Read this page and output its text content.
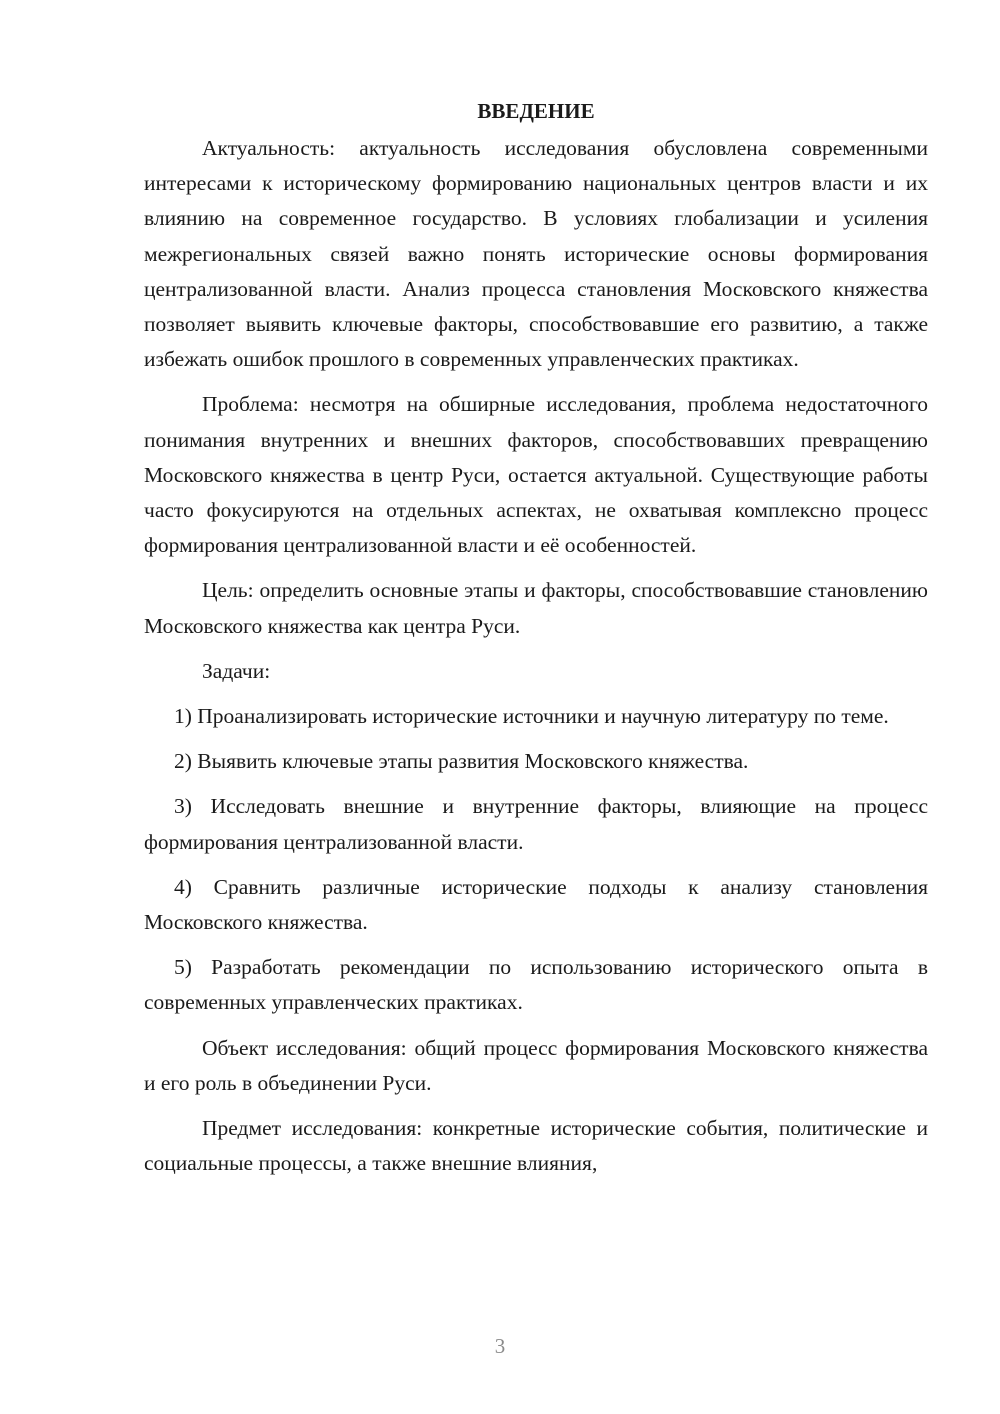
ВВЕДЕНИЕ

Актуальность: актуальность исследования обусловлена современными интересами к историческому формированию национальных центров власти и их влиянию на современное государство. В условиях глобализации и усиления межрегиональных связей важно понять исторические основы формирования централизованной власти. Анализ процесса становления Московского княжества позволяет выявить ключевые факторы, способствовавшие его развитию, а также избежать ошибок прошлого в современных управленческих практиках.

Проблема: несмотря на обширные исследования, проблема недостаточного понимания внутренних и внешних факторов, способствовавших превращению Московского княжества в центр Руси, остается актуальной. Существующие работы часто фокусируются на отдельных аспектах, не охватывая комплексно процесс формирования централизованной власти и её особенностей.

Цель: определить основные этапы и факторы, способствовавшие становлению Московского княжества как центра Руси.

Задачи:

1) Проанализировать исторические источники и научную литературу по теме.

2) Выявить ключевые этапы развития Московского княжества.

3) Исследовать внешние и внутренние факторы, влияющие на процесс формирования централизованной власти.

4) Сравнить различные исторические подходы к анализу становления Московского княжества.

5) Разработать рекомендации по использованию исторического опыта в современных управленческих практиках.

Объект исследования: общий процесс формирования Московского княжества и его роль в объединении Руси.

Предмет исследования: конкретные исторические события, политические и социальные процессы, а также внешние влияния,

3
